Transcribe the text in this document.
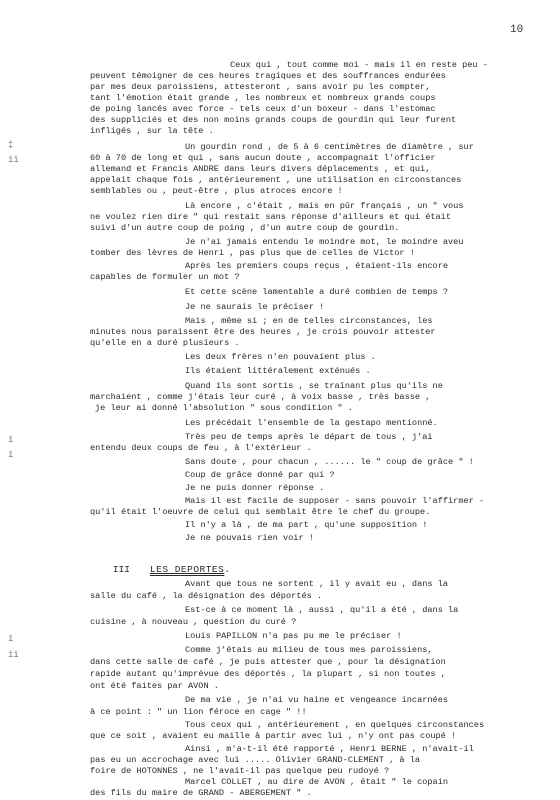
10
‡
ïï
ï
ï
ï
ïï
Ceux qui , tout comme moi - mais il en reste peu -
peuvent témoigner de ces heures tragiques et des souffrances endurées
par mes deux paroissiens, attesteront , sans avoir pu les compter,
tant l'émotion était grande , les nombreux et nombreux grands coups
de poing lancés avec force - tels ceux d'un boxeur - dans l'estomac
des suppliciés et des non moins grands coups de gourdin qui leur furent
infligés , sur la tête .
Un gourdin rond , de 5 à 6 centimètres de diamètre , sur
60 à 70 de long et qui , sans aucun doute , accompagnait l'officier
allemand et Francis ANDRE dans leurs divers déplacements , et qui,
appelait chaque fois , antérieurement , une utilisation en circonstances
semblables ou , peut-être , plus atroces encore !
Là encore , c'était , mais en pûr français , un " vous
ne voulez rien dire " qui restait sans réponse d'ailleurs et qui était
suivi d'un autre coup de poing , d'un autre coup de gourdin.
Je n'ai jamais entendu le moindre mot, le moindre aveu
tomber des lèvres de Henri , pas plus que de celles de Victor !
Après les premiers coups reçus , étaient-ils encore
capables de formuler un mot ?
Et cette scène lamentable a duré combien de temps ?
Je ne saurais le préciser !
Mais , même si ; en de telles circonstances, les
minutes nous paraissent être des heures , je crois pouvoir attester
qu'elle en a duré plusieurs .
Les deux frères n'en pouvaient plus .
Ils étaient littéralement exténués .
Quand ils sont sortis , se traînant plus qu'ils ne
marchaient , comme j'étais leur curé , à voix basse , très basse ,
je leur ai donné l'absolution " sous condition " .
Les précédait l'ensemble de la gestapo mentionné.
Très peu de temps après le départ de tous , j'ai
entendu deux coups de feu , à l'extérieur .
Sans doute , pour chacun , ...... le " coup de grâce " !
Coup de grâce donné par qui ?
Je ne puis donner réponse .
Mais il est facile de supposer - sans pouvoir l'affirmer -
qu'il était l'oeuvre de celui qui semblait être le chef du groupe.
Il n'y a là , de ma part , qu'une supposition !
Je ne pouvais rien voir !

III LES DEPORTES.

Avant que tous ne sortent , il y avait eu , dans la
salle du café , la désignation des déportés .
Est-ce à ce moment là , aussi , qu'il a été , dans la
cuisine , à nouveau , question du curé ?
Louis PAPILLON n'a pas pu me le préciser !
Comme j'étais au milieu de tous mes paroissiens,
dans cette salle de café , je puis attester que , pour la désignation
rapide autant qu'imprévue des déportés , la plupart , si non toutes ,
ont été faites par AVON .
De ma vie , je n'ai vu haine et vengeance incarnées
à ce point : " un lion féroce en cage " !!
Tous ceux qui , antérieurement , en quelques circonstances
que ce soit , avaient eu maille à partir avec lui , n'y ont pas coupé !
Ainsi , m'a-t-il été rapporté , Henri BERNE , n'avait-il
pas eu un accrochage avec lui ..... Olivier GRAND-CLEMENT , à la
foire de HOTONNES , ne l'avait-il pas quelque peu rudoyé ?
Marcel COLLET , au dire de AVON , était " le copain
des fils du maire de GRAND - ABERGEMENT " .
